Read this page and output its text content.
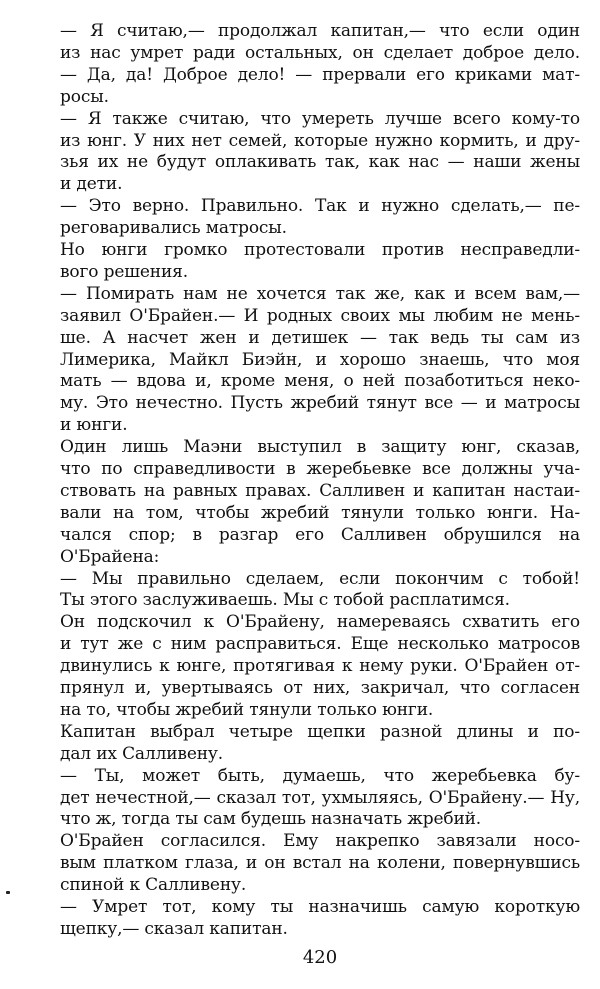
— Я считаю,— продолжал капитан,— что если один
из нас умрет ради остальных, он сделает доброе дело.
— Да, да! Доброе дело! — прервали его криками мат-
росы.
— Я также считаю, что умереть лучше всего кому-то
из юнг. У них нет семей, которые нужно кормить, и дру-
зья их не будут оплакивать так, как нас — наши жены
и дети.
— Это верно. Правильно. Так и нужно сделать,— пе-
реговаривались матросы.
Но юнги громко протестовали против несправедли-
вого решения.
— Помирать нам не хочется так же, как и всем вам,—
заявил О'Брайен.— И родных своих мы любим не мень-
ше. А насчет жен и детишек — так ведь ты сам из
Лимерика, Майкл Биэйн, и хорошо знаешь, что моя
мать — вдова и, кроме меня, о ней позаботиться неко-
му. Это нечестно. Пусть жребий тянут все — и матросы
и юнги.
Один лишь Маэни выступил в защиту юнг, сказав,
что по справедливости в жеребьевке все должны уча-
ствовать на равных правах. Салливен и капитан настаи-
вали на том, чтобы жребий тянули только юнги. На-
чался спор; в разгар его Салливен обрушился на
О'Брайена:
— Мы правильно сделаем, если покончим с тобой!
Ты этого заслуживаешь. Мы с тобой расплатимся.
Он подскочил к О'Брайену, намереваясь схватить его
и тут же с ним расправиться. Еще несколько матросов
двинулись к юнге, протягивая к нему руки. О'Брайен от-
прянул и, увертываясь от них, закричал, что согласен
на то, чтобы жребий тянули только юнги.
Капитан выбрал четыре щепки разной длины и по-
дал их Салливену.
— Ты, может быть, думаешь, что жеребьевка бу-
дет нечестной,— сказал тот, ухмыляясь, О'Брайену.— Ну,
что ж, тогда ты сам будешь назначать жребий.
О'Брайен согласился. Ему накрепко завязали носо-
вым платком глаза, и он встал на колени, повернувшись
спиной к Салливену.
— Умрет тот, кому ты назначишь самую короткую
щепку,— сказал капитан.
420
